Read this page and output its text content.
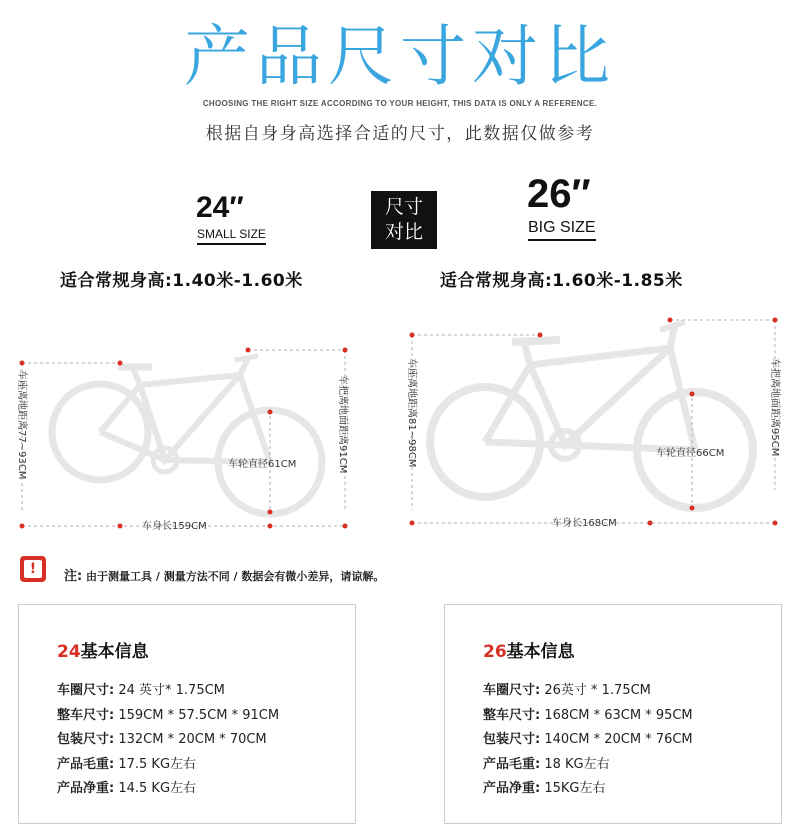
产品尺寸对比
CHOOSING THE RIGHT SIZE ACCORDING TO YOUR HEIGHT, THIS DATA IS ONLY A REFERENCE.
根据自身身高选择合适的尺寸，此数据仅做参考
24″
SMALL SIZE
尺寸
对比
26″
BIG SIZE
适合常规身高:1.40米-1.60米	适合常规身高:1.60米-1.85米
车座离地距离77~93CM	车把离地面距离91CM
车轮直径61CM
车身长159CM
车座离地距离81~98CM	车把离地面距离95CM
车轮直径66CM
车身长168CM
!	注: 由于测量工具 / 测量方法不同 / 数据会有微小差异，请谅解。
24基本信息
车圈尺寸: 24 英寸* 1.75CM
整车尺寸: 159CM * 57.5CM * 91CM
包装尺寸: 132CM * 20CM * 70CM
产品毛重: 17.5 KG左右
产品净重: 14.5 KG左右
26基本信息
车圈尺寸: 26英寸 * 1.75CM
整车尺寸: 168CM * 63CM * 95CM
包装尺寸: 140CM * 20CM * 76CM
产品毛重: 18 KG左右
产品净重: 15KG左右
